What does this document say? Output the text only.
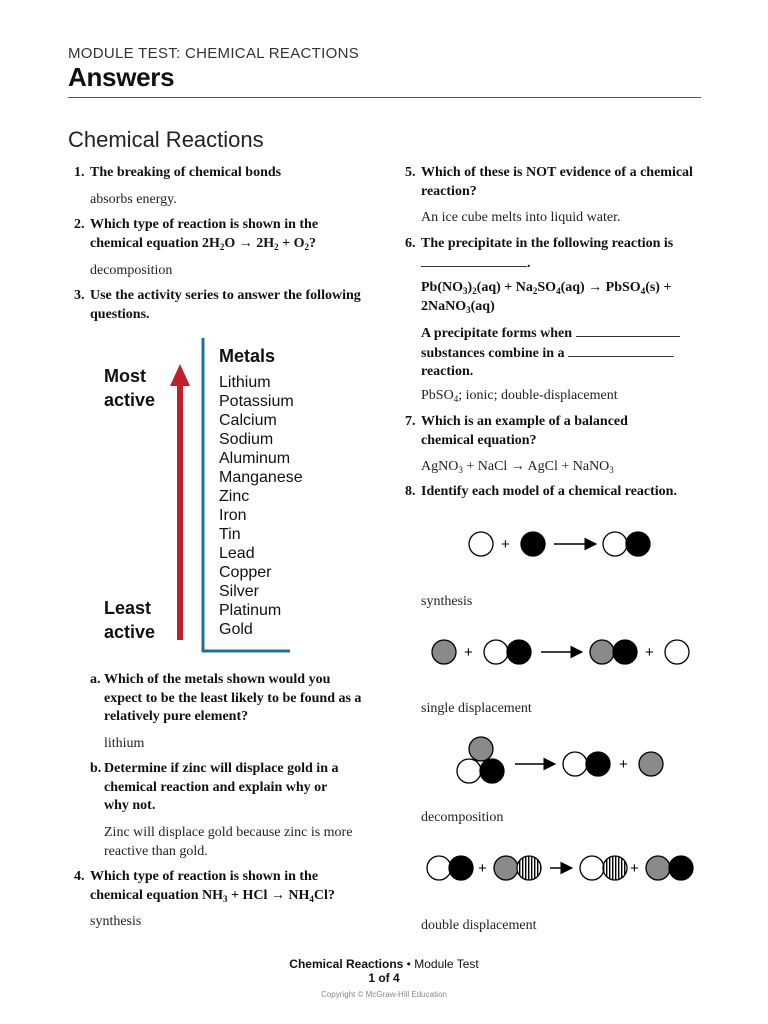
MODULE TEST: CHEMICAL REACTIONS
Answers
Chemical Reactions
1. The breaking of chemical bonds
absorbs energy.
2. Which type of reaction is shown in the
chemical equation $2H_2O \to 2H_2 + O_2$?
decomposition
3. Use the activity series to answer the following
questions.
Metals
Most
active
Least
active
Lithium
Potassium
Calcium
Sodium
Aluminum
Manganese
Zinc
Iron
Tin
Lead
Copper
Silver
Platinum
Gold
a. Which of the metals shown would you
expect to be the least likely to be found as a
relatively pure element?
lithium
b. Determine if zinc will displace gold in a
chemical reaction and explain why or
why not.
Zinc will displace gold because zinc is more
reactive than gold.
4. Which type of reaction is shown in the
chemical equation $NH_3$ + HCl → $NH_4Cl$?
synthesis
5. Which of these is NOT evidence of a chemical
reaction?
An ice cube melts into liquid water.
6. The precipitate in the following reaction is
.
$Pb(NO_3)_2(aq) + Na_2SO_4(aq)$ → PbSO$_4$(s) +
2NaNO$_3$(aq)
A precipitate forms when
substances combine in a
reaction.
PbSO$_4$; ionic; double-displacement
7. Which is an example of a balanced
chemical equation?
AgNO$_3$ + NaCl → AgCl + NaNO$_3$
8. Identify each model of a chemical reaction.
+
+	+
+
+	+
synthesis
single displacement
decomposition
double displacement
Chemical Reactions • Module Test
1 of 4
Copyright © McGraw-Hill Education
